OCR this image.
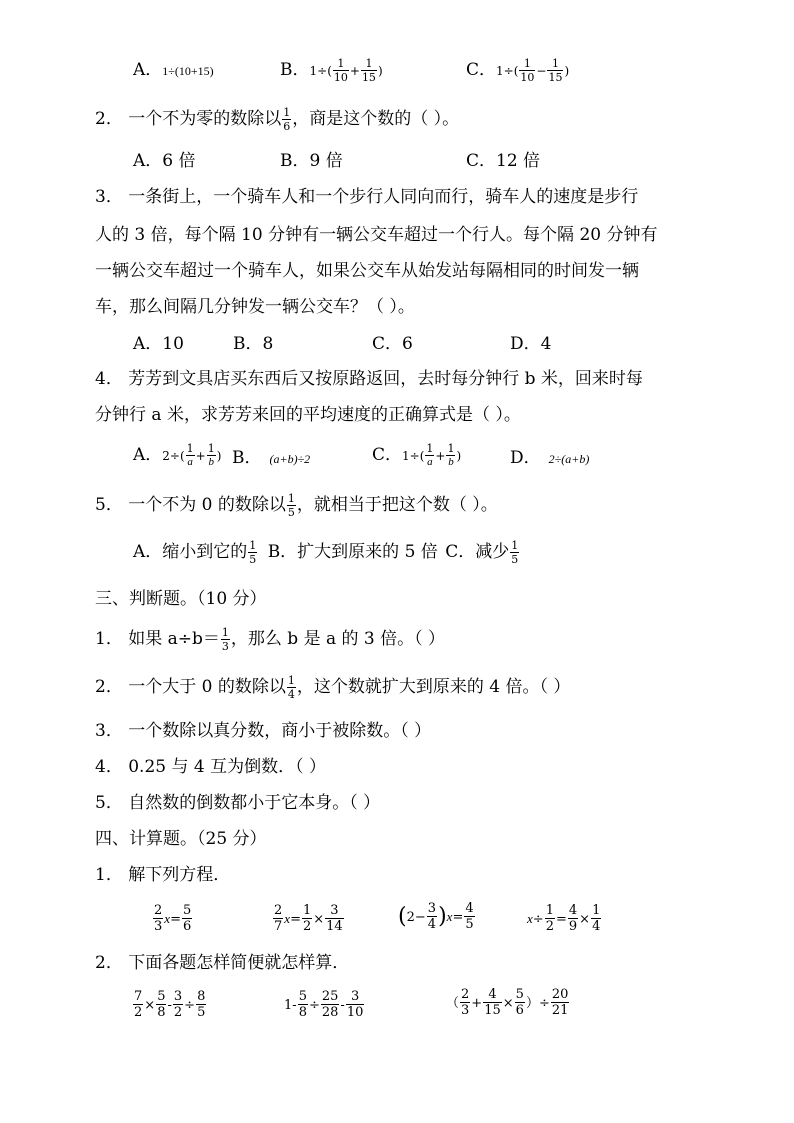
A．1÷(10+15)	B．$1\div( \frac{1}{10} + \frac{1}{15}$ )	C．$1\div( \frac{1}{10} - \frac{1}{15}$ )
2． 一个不为零的数除以 $\frac{1}{6}$ ，商是这个数的（ ）。
A．6 倍	B．9 倍	C．12 倍
3． 一条街上，一个骑车人和一个步行人同向而行，骑车人的速度是步行
人的 3 倍，每个隔 10 分钟有一辆公交车超过一个行人。每个隔 20 分钟有
一辆公交车超过一个骑车人，如果公交车从始发站每隔相同的时间发一辆
车，那么间隔几分钟发一辆公交车？（ ）。
A．10	B．8	C．6	D．4
4． 芳芳到文具店买东西后又按原路返回，去时每分钟行 b 米，回来时每
分钟行 a 米，求芳芳来回的平均速度的正确算式是（ ）。
A．$2\div( \frac{1}{a} + \frac{1}{b}$ ) B． (a+b)÷2	C．$1\div( \frac{1}{a} + \frac{1}{b}$ )	D． 2÷(a+b)
5． 一个不为 0 的数除以 $\frac{1}{5}$ ，就相当于把这个数（ ）。
A．缩小到它的 $\frac{1}{5}$ B．扩大到原来的 5 倍 C．减少 $\frac{1}{5}$
三、判断题。（10 分）
1． 如果 $a\div b= \frac{1}{3}$ ，那么 b 是 a 的 3 倍。（ ）
2． 一个大于 0 的数除以 $\frac{1}{4}$ ，这个数就扩大到原来的 4 倍。（ ）
3． 一个数除以真分数，商小于被除数。（ ）
4． 0.25 与 4 互为倒数．（ ）
5． 自然数的倒数都小于它本身。（ ）
四、计算题。（25 分）
1． 解下列方程．
$\frac{2}{3} x= \frac{5}{6}$	$\frac{2}{7} x= \frac{1}{2} \times \frac{3}{14} (2- \frac{3}{4} )x= \frac{4}{5}$	$x\div \frac{1}{2} = \frac{4}{9} \times \frac{1}{4}$
2． 下面各题怎样简便就怎样算．
$\frac{7}{2} \times \frac{5}{8} - \frac{3}{2} \div \frac{8}{5}$	$1- \frac{5}{8} \div \frac{25}{28} - \frac{3}{10}$	（ $\frac{2}{3} + \frac{4}{15} \times \frac{5}{6}$ ）÷ $\frac{20}{21}$
